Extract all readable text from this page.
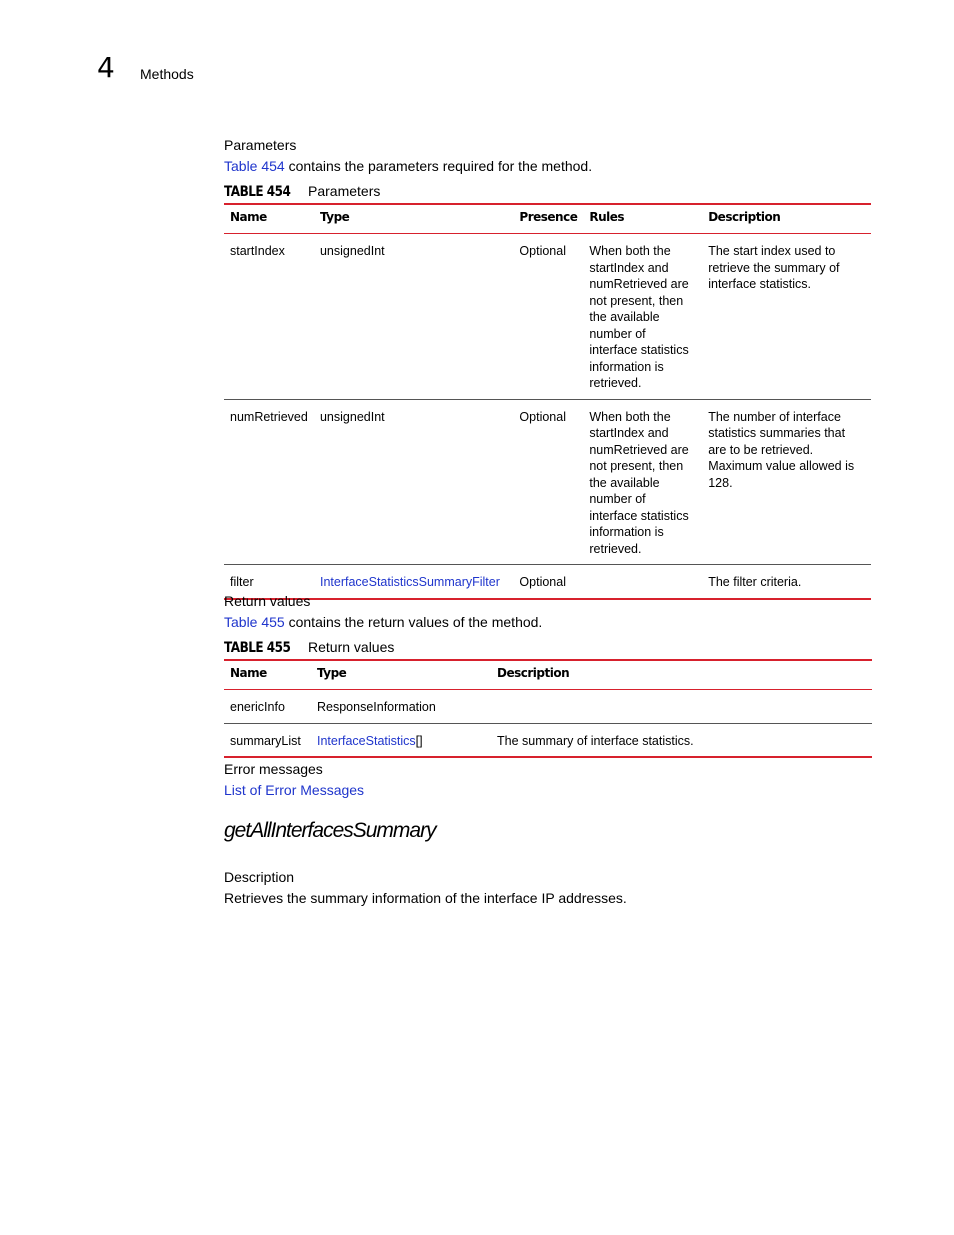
4 Methods
Parameters
Table 454 contains the parameters required for the method.
TABLE 454 Parameters
Name	Type	Presence	Rules	Description
startIndex	unsignedInt	Optional	When both the startIndex and numRetrieved are not present, then the available number of interface statistics information is retrieved.	The start index used to retrieve the summary of interface statistics.
numRetrieved	unsignedInt	Optional	When both the startIndex and numRetrieved are not present, then the available number of interface statistics information is retrieved.	The number of interface statistics summaries that are to be retrieved. Maximum value allowed is 128.
filter	InterfaceStatisticsSummaryFilter	Optional		The filter criteria.
Return values
Table 455 contains the return values of the method.
TABLE 455 Return values
Name	Type	Description
enericInfo	ResponseInformation	
summaryList	InterfaceStatistics[]	The summary of interface statistics.
Error messages
List of Error Messages
getAllInterfacesSummary
Description
Retrieves the summary information of the interface IP addresses.
